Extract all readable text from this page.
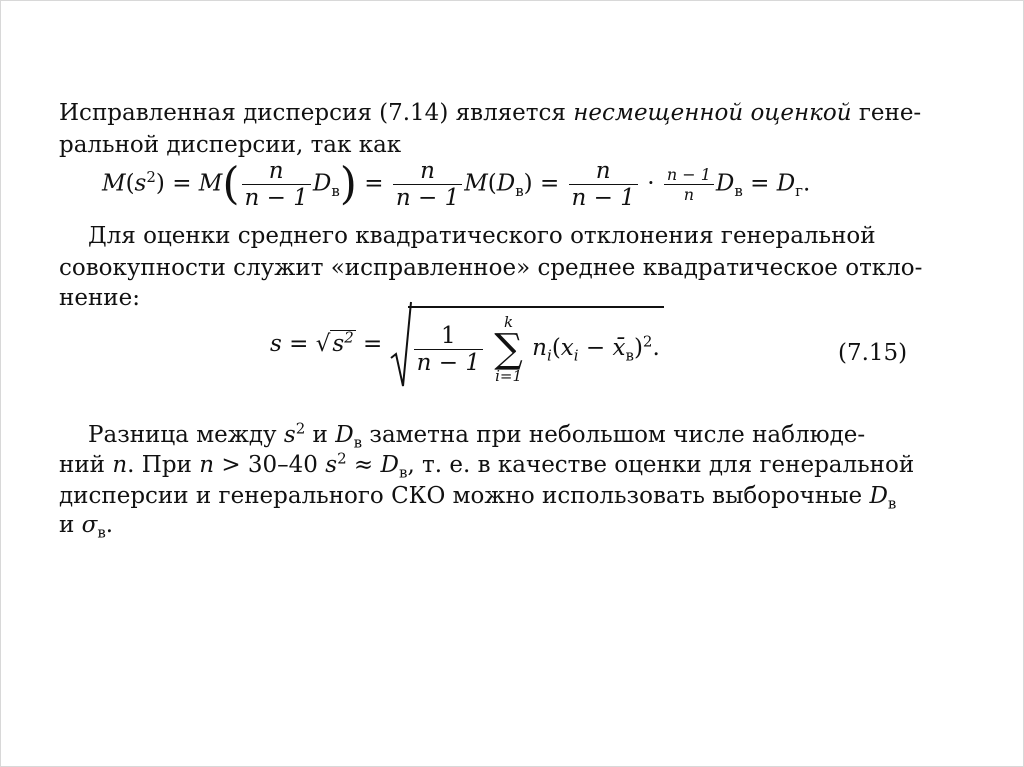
Исправленная дисперсия (7.14) является несмещенной оценкой гене-
ральной дисперсии, так как
$M(s^2) = M( \frac{n}{n - 1} D_в) = \frac{n}{n - 1} M(D_в) = \frac{n}{n - 1} \cdot \frac{n - 1}{n} D_в = D_г$.
Для оценки среднего квадратического отклонения генеральной
совокупности служит «исправленное» среднее квадратическое откло-
нение:
$s = √s^2 = \frac{1}{n - 1}$

k
∑
i=1
$n_i(x_i$ − $x̄_в)^2$.	(7.15)
Разница между $s^2$ и $D_в$ заметна при небольшом числе наблюде-
ний n. При n > 30–40 $s^2 \approx D_в$, т. е. в качестве оценки для генеральной
дисперсии и генерального СКО можно использовать выборочные $D_в$
и $\sigma_в$.
